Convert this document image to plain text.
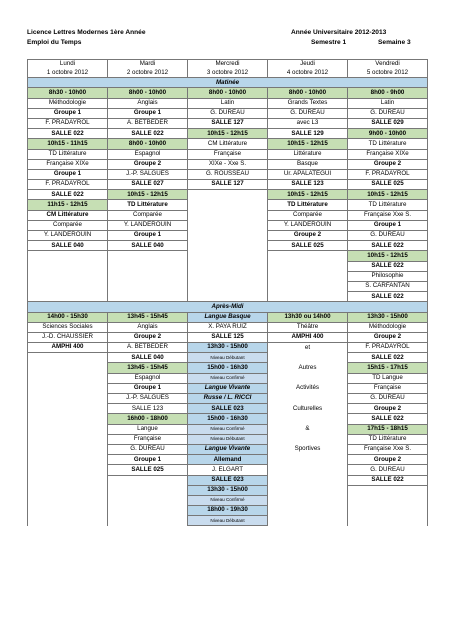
Licence Lettres Modernes 1ère Année
Emploi du Temps
Année Universitaire 2012-2013
Semestre 1	Semaine 3
Lundi	Mardi	Mercredi	Jeudi	Vendredi
1 octobre 2012	2 octobre 2012	3 octobre 2012	4 octobre 2012	5 octobre 2012
Matinée				
8h30 - 10h00	8h00 - 10h00	8h00 - 10h00	8h00 - 10h00	8h00 - 9h00
Méthodologie	Anglais	Latin	Grands Textes	Latin
Groupe 1	Groupe 1	G. DUREAU	G. DUREAU	G. DUREAU
F. PRADAYROL	A. BETBEDER	SALLE 127	avec L3	SALLE 029
SALLE 022	SALLE 022	10h15 - 12h15	SALLE 129	9h00 - 10h00
10h15 - 11h15	8h00 - 10h00	CM Littérature	10h15 - 12h15	TD Littérature
TD Littérature	Espagnol	Française	Littérature	Française XIXe
Française XIXe	Groupe 2	XIXe - Xxe S.	Basque	Groupe 2
Groupe 1	J.-P. SALGUES	G. ROUSSEAU	Ur. APALATEGUI	F. PRADAYROL
F. PRADAYROL	SALLE 027	SALLE 127	SALLE 123	SALLE 025
SALLE 022	10h15 - 12h15		10h15 - 12h15	10h15 - 12h15
11h15 - 12h15	TD Littérature		TD Littérature	TD Littérature
CM Littérature	Comparée		Comparée	Française Xxe S.
Comparée	Y. LANDEROUIN		Y. LANDEROUIN	Groupe 1
Y. LANDEROUIN	Groupe 1		Groupe 2	G. DUREAU
SALLE 040	SALLE 040		SALLE 025	SALLE 022
				10h15 - 12h15
				SALLE 022
				Philosophie
				S. CARFANTAN
				SALLE 022
Après-Midi				
14h00 - 15h30	13h45 - 15h45	Langue Basque	13h30 ou 14h00	13h30 - 15h00
Sciences Sociales	Anglais	X. PAYA RUIZ	Théâtre	Méthodologie
J.-D. CHAUSSIER	Groupe 2	SALLE 125	AMPHI 400	Groupe 2
AMPHI 400	A. BETBEDER	13h30 - 15h00	et	F. PRADAYROL
	SALLE 040	Niveau Débutant		SALLE 022
	13h45 - 15h45	15h00 - 16h30	Autres	15h15 - 17h15
	Espagnol	Niveau Confirmé		TD Langue
	Groupe 1	Langue Vivante	Activités	Française
	J.-P. SALGUES	Russe / L. RICCI		G. DUREAU
	SALLE 123	SALLE 023	Culturelles	Groupe 2
	16h00 - 18h00	15h00 - 16h30		SALLE 022
	Langue	Niveau Confirmé	&	17h15 - 18h15
	Française	Niveau Débutant		TD Littérature
	G. DUREAU	Langue Vivante	Sportives	Française Xxe S.
	Groupe 1	Allemand		Groupe 2
	SALLE 025	J. ELGART		G. DUREAU
		SALLE 023		SALLE 022
		13h30 - 15h00		
		Niveau Confirmé		
		18h00 - 19h30		
		Niveau Débutant		
